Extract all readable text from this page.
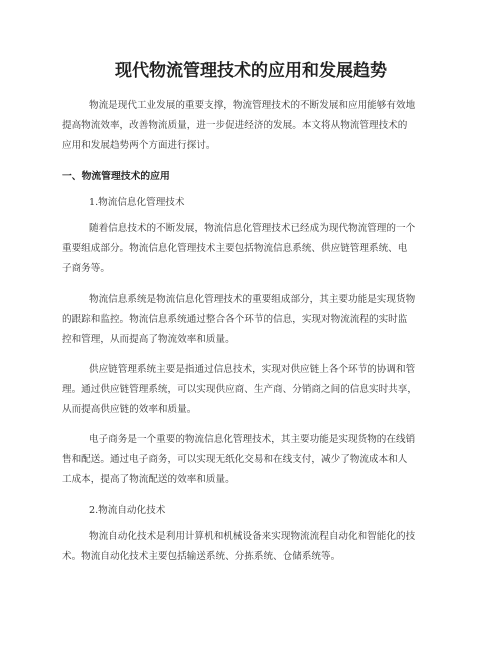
现代物流管理技术的应用和发展趋势

物流是现代工业发展的重要支撑，物流管理技术的不断发展和应用能够有效地

提高物流效率，改善物流质量，进一步促进经济的发展。本文将从物流管理技术的

应用和发展趋势两个方面进行探讨。

一、物流管理技术的应用

1.物流信息化管理技术

随着信息技术的不断发展，物流信息化管理技术已经成为现代物流管理的一个

重要组成部分。物流信息化管理技术主要包括物流信息系统、供应链管理系统、电

子商务等。

物流信息系统是物流信息化管理技术的重要组成部分，其主要功能是实现货物

的跟踪和监控。物流信息系统通过整合各个环节的信息，实现对物流流程的实时监

控和管理，从而提高了物流效率和质量。

供应链管理系统主要是指通过信息技术，实现对供应链上各个环节的协调和管

理。通过供应链管理系统，可以实现供应商、生产商、分销商之间的信息实时共享，

从而提高供应链的效率和质量。

电子商务是一个重要的物流信息化管理技术，其主要功能是实现货物的在线销

售和配送。通过电子商务，可以实现无纸化交易和在线支付，减少了物流成本和人

工成本，提高了物流配送的效率和质量。

2.物流自动化技术

物流自动化技术是利用计算机和机械设备来实现物流流程自动化和智能化的技

术。物流自动化技术主要包括输送系统、分拣系统、仓储系统等。
